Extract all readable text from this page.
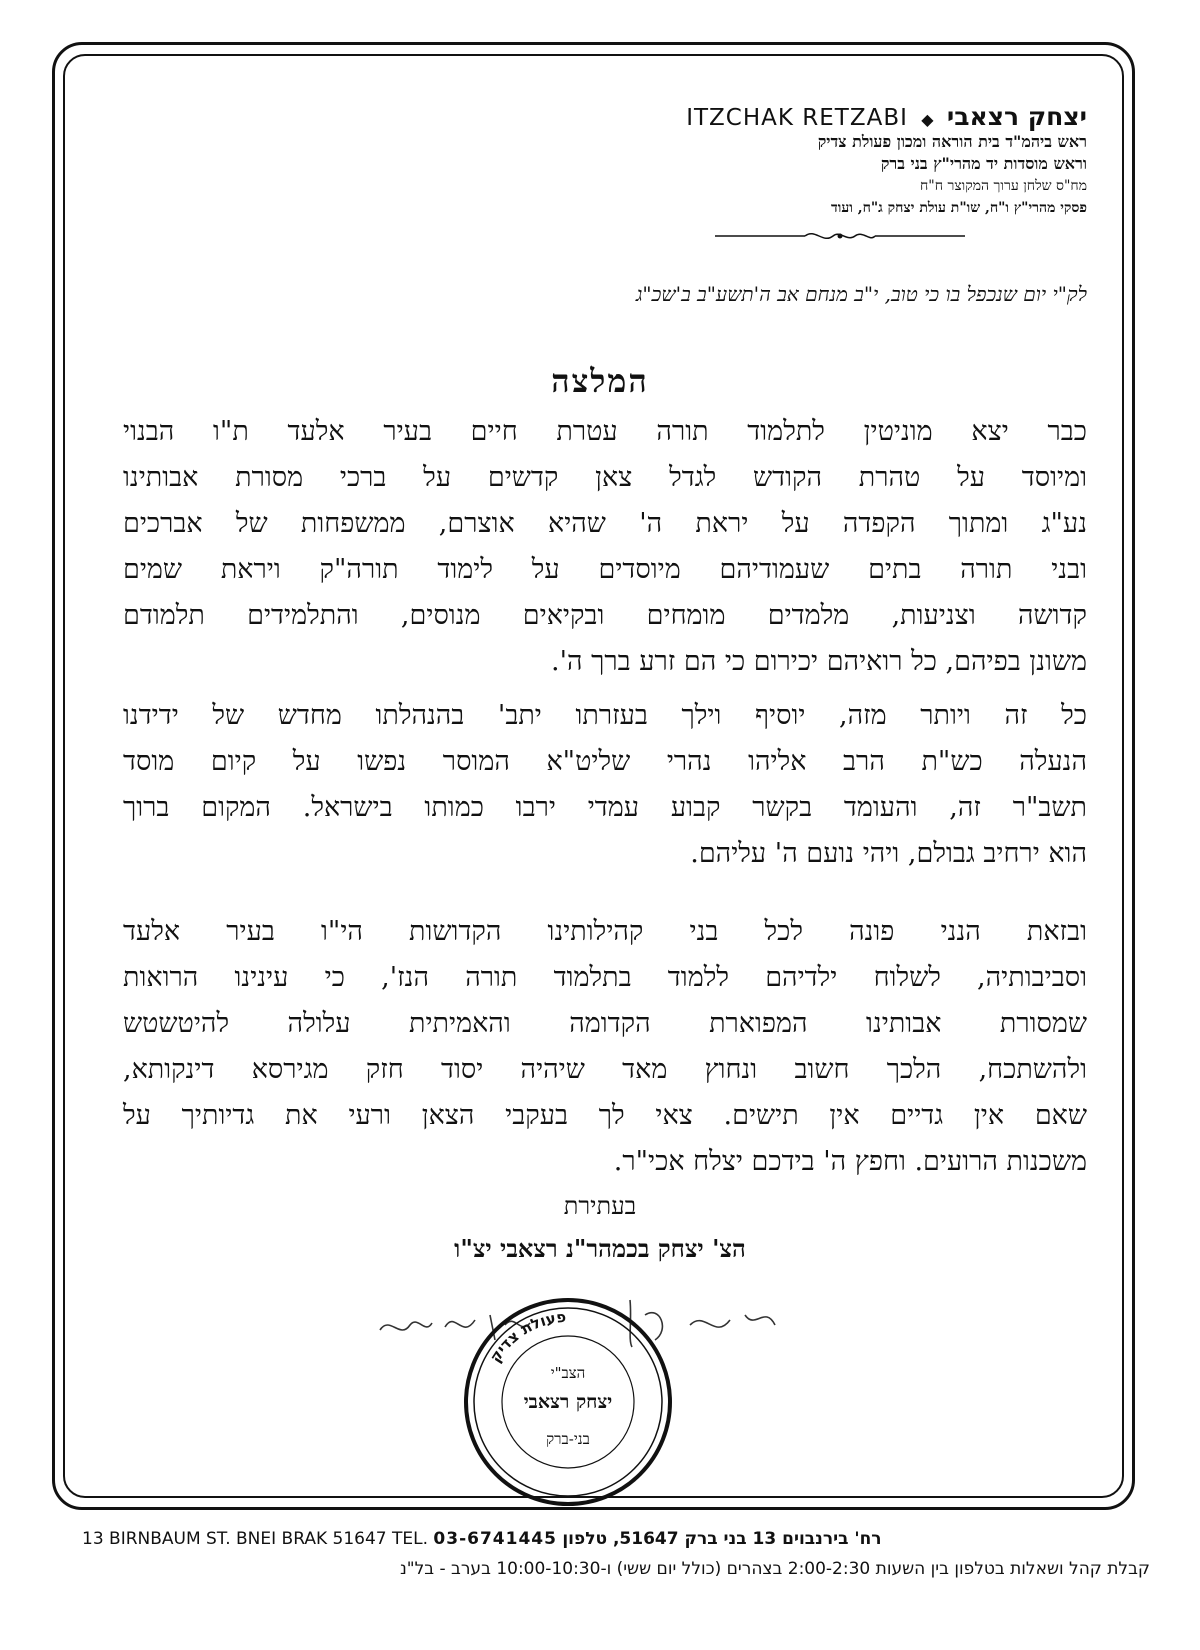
יצחק רצאבי ◆ ITZCHAK RETZABI
ראש ביהמ"ד בית הוראה ומכון פעולת צדיק
וראש מוסדות יד מהרי"ץ בני ברק
מח"ס שלחן ערוך המקוצר ח"ח
פסקי מהרי"ץ ו"ח, שו"ת עולת יצחק ג"ח, ועוד
לק"י יום שנכפל בו כי טוב, י"ב מנחם אב ה'תשע"ב ב'שכ"ג
המלצה
כבר יצא מוניטין לתלמוד תורה עטרת חיים בעיר אלעד ת"ו הבנוי
ומיוסד על טהרת הקודש לגדל צאן קדשים על ברכי מסורת אבותינו
נע"ג ומתוך הקפדה על יראת ה' שהיא אוצרם, ממשפחות של אברכים
ובני תורה בתים שעמודיהם מיוסדים על לימוד תורה"ק ויראת שמים
קדושה וצניעות, מלמדים מומחים ובקיאים מנוסים, והתלמידים תלמודם
משונן בפיהם, כל רואיהם יכירום כי הם זרע ברך ה'.
כל זה ויותר מזה, יוסיף וילך בעזרתו יתב' בהנהלתו מחדש של ידידנו
הנעלה כש"ת הרב אליהו נהרי שליט"א המוסר נפשו על קיום מוסד
תשב"ר זה, והעומד בקשר קבוע עמדי ירבו כמותו בישראל. המקום ברוך
הוא ירחיב גבולם, ויהי נועם ה' עליהם.
ובזאת הנני פונה לכל בני קהילותינו הקדושות הי"ו בעיר אלעד
וסביבותיה, לשלוח ילדיהם ללמוד בתלמוד תורה הנז', כי עינינו הרואות
שמסורת אבותינו המפוארת הקדומה והאמיתית עלולה להיטשטש
ולהשתכח, הלכך חשוב ונחוץ מאד שיהיה יסוד חזק מגירסא דינקותא,
שאם אין גדיים אין תישים. צאי לך בעקבי הצאן ורעי את גדיותיך על
משכנות הרועים. וחפץ ה' בידכם יצלח אכי"ר.
בעתירת
הצ' יצחק בכמהר"נ רצאבי יצ"ו
פעולת צדיק
הצב"י
יצחק רצאבי
בני-ברק
13 BIRNBAUM ST. BNEI BRAK 51647 TEL. 03-6741445 רח' בירנבוים 13 בני ברק 51647, טלפון
קבלת קהל ושאלות בטלפון בין השעות 2:00-2:30 בצהרים (כולל יום ששי) ו-10:00-10:30 בערב - בל"נ
